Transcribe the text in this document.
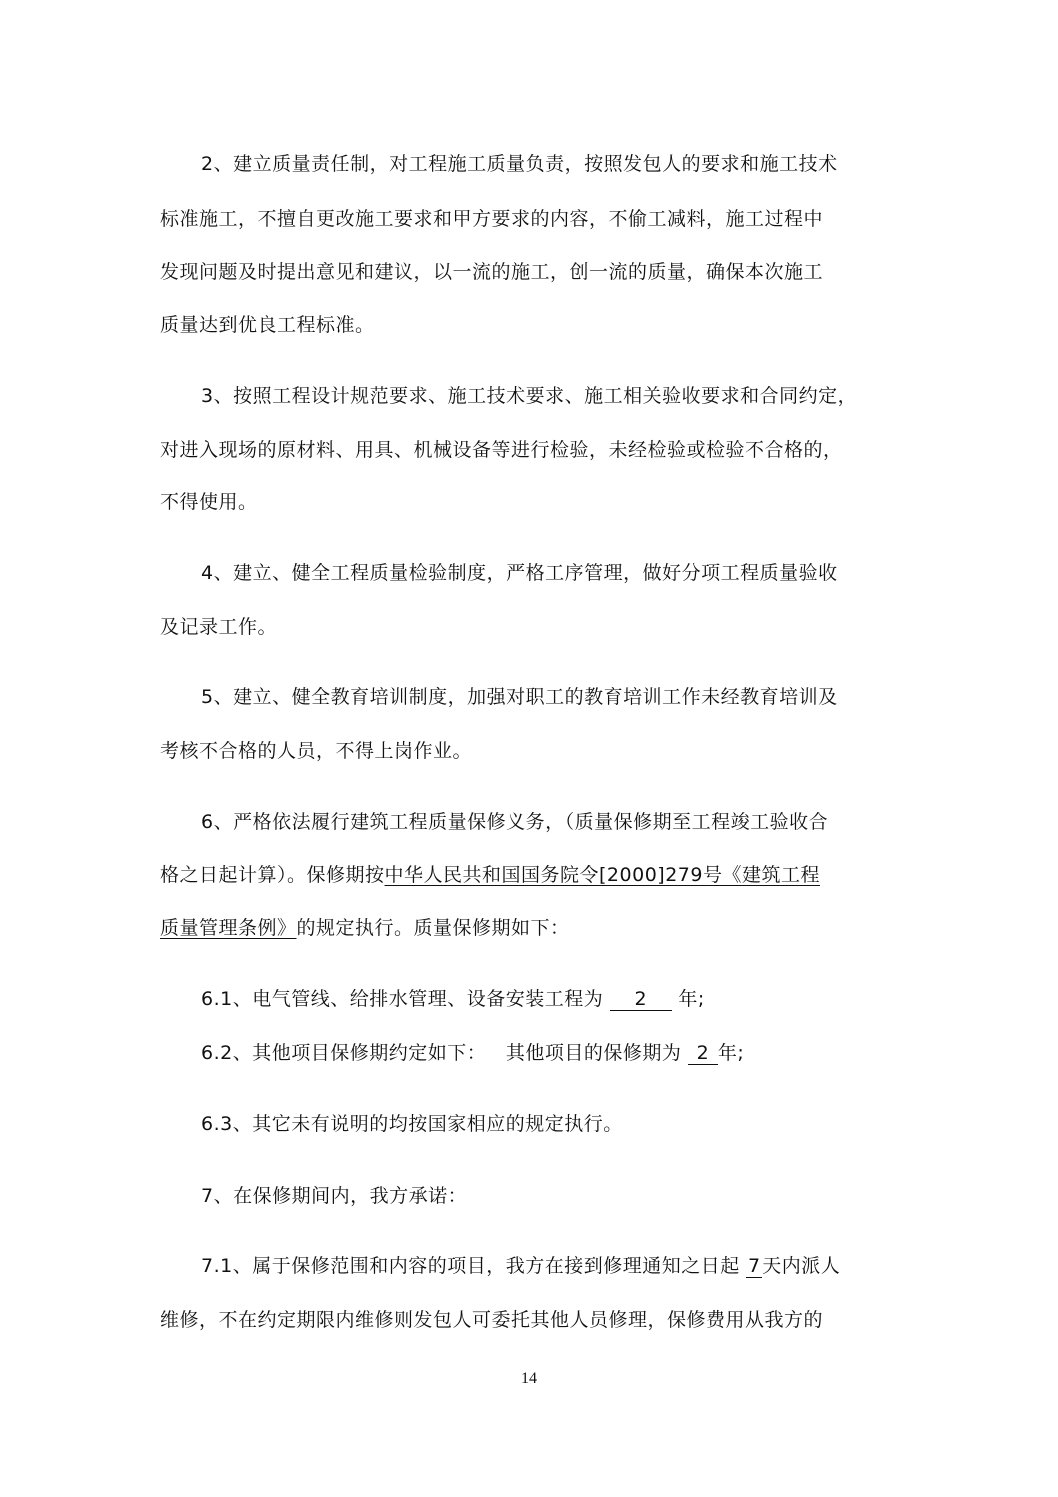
2、建立质量责任制，对工程施工质量负责，按照发包人的要求和施工技术
标准施工，不擅自更改施工要求和甲方要求的内容，不偷工减料，施工过程中
发现问题及时提出意见和建议，以一流的施工，创一流的质量，确保本次施工
质量达到优良工程标准。
3、按照工程设计规范要求、施工技术要求、施工相关验收要求和合同约定，
对进入现场的原材料、用具、机械设备等进行检验，未经检验或检验不合格的，
不得使用。
4、建立、健全工程质量检验制度，严格工序管理，做好分项工程质量验收
及记录工作。
5、建立、健全教育培训制度，加强对职工的教育培训工作未经教育培训及
考核不合格的人员，不得上岗作业。
6、严格依法履行建筑工程质量保修义务，（质量保修期至工程竣工验收合
格之日起计算）。保修期按中华人民共和国国务院令[2000]279号《建筑工程
质量管理条例》的规定执行。质量保修期如下：
6.1、电气管线、给排水管理、设备安装工程为 2 年;
6.2、其他项目保修期约定如下：   其他项目的保修期为 2 年;
6.3、其它未有说明的均按国家相应的规定执行。
7、在保修期间内，我方承诺：
7.1、属于保修范围和内容的项目，我方在接到修理通知之日起 7天内派人
维修，不在约定期限内维修则发包人可委托其他人员修理，保修费用从我方的
14
